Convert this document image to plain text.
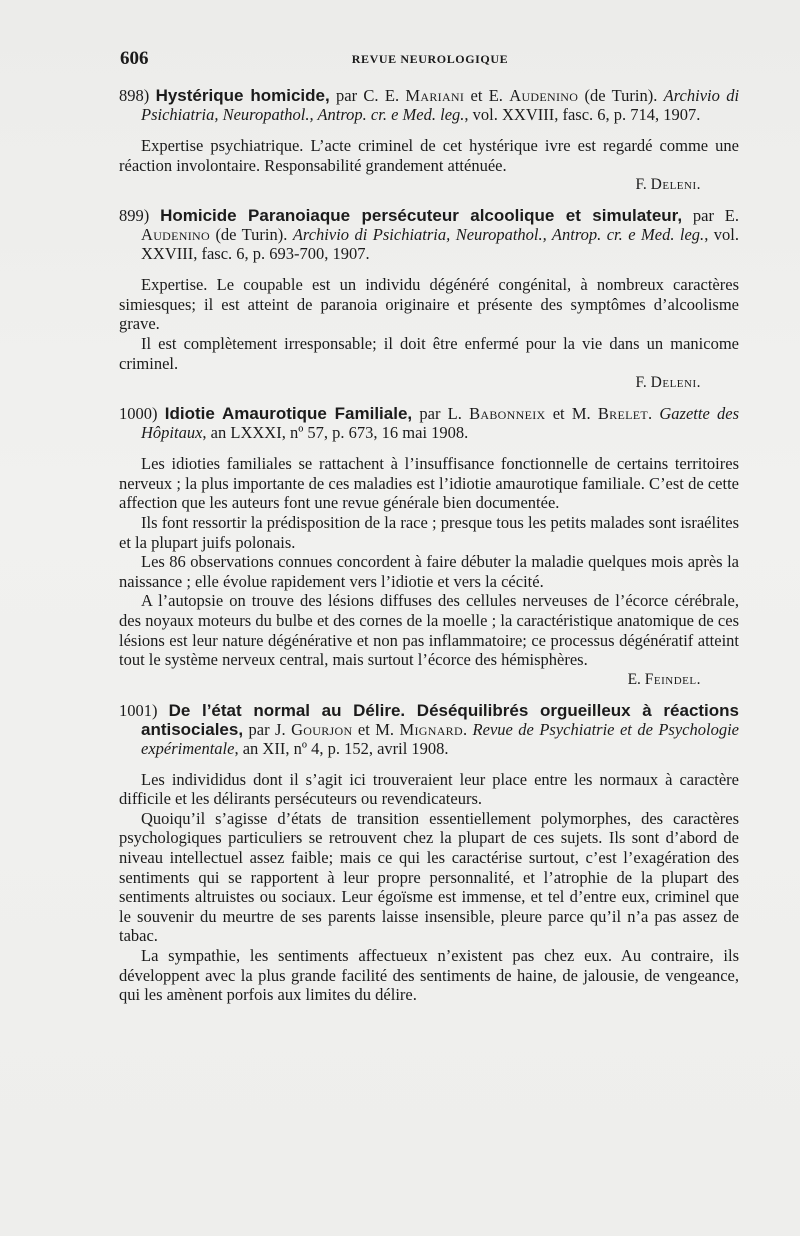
606	REVUE NEUROLOGIQUE
898) Hystérique homicide, par C. E. Mariani et E. Audenino (de Turin). Archivio di Psichiatria, Neuropathol., Antrop. cr. e Med. leg., vol. XXVIII, fasc. 6, p. 714, 1907.

Expertise psychiatrique. L’acte criminel de cet hystérique ivre est regardé comme une réaction involontaire. Responsabilité grandement atténuée.

F. Deleni.
899) Homicide Paranoiaque persécuteur alcoolique et simulateur, par E. Audenino (de Turin). Archivio di Psichiatria, Neuropathol., Antrop. cr. e Med. leg., vol. XXVIII, fasc. 6, p. 693-700, 1907.

Expertise. Le coupable est un individu dégénéré congénital, à nombreux caractères simiesques; il est atteint de paranoia originaire et présente des symptômes d’alcoolisme grave.

Il est complètement irresponsable; il doit être enfermé pour la vie dans un manicome criminel.

F. Deleni.
1000) Idiotie Amaurotique Familiale, par L. Babonneix et M. Brelet. Gazette des Hôpitaux, an LXXXI, nº 57, p. 673, 16 mai 1908.

Les idioties familiales se rattachent à l’insuffisance fonctionnelle de certains territoires nerveux ; la plus importante de ces maladies est l’idiotie amaurotique familiale. C’est de cette affection que les auteurs font une revue générale bien documentée.

Ils font ressortir la prédisposition de la race ; presque tous les petits malades sont israélites et la plupart juifs polonais.

Les 86 observations connues concordent à faire débuter la maladie quelques mois après la naissance ; elle évolue rapidement vers l’idiotie et vers la cécité.

A l’autopsie on trouve des lésions diffuses des cellules nerveuses de l’écorce cérébrale, des noyaux moteurs du bulbe et des cornes de la moelle ; la caractéristique anatomique de ces lésions est leur nature dégénérative et non pas inflammatoire; ce processus dégénératif atteint tout le système nerveux central, mais surtout l’écorce des hémisphères.

E. Feindel.
1001) De l’état normal au Délire. Déséquilibrés orgueilleux à réactions antisociales, par J. Gourjon et M. Mignard. Revue de Psychiatrie et de Psychologie expérimentale, an XII, nº 4, p. 152, avril 1908.

Les individidus dont il s’agit ici trouveraient leur place entre les normaux à caractère difficile et les délirants persécuteurs ou revendicateurs.

Quoiqu’il s’agisse d’états de transition essentiellement polymorphes, des caractères psychologiques particuliers se retrouvent chez la plupart de ces sujets. Ils sont d’abord de niveau intellectuel assez faible; mais ce qui les caractérise surtout, c’est l’exagération des sentiments qui se rapportent à leur propre personnalité, et l’atrophie de la plupart des sentiments altruistes ou sociaux. Leur égoïsme est immense, et tel d’entre eux, criminel que le souvenir du meurtre de ses parents laisse insensible, pleure parce qu’il n’a pas assez de tabac.

La sympathie, les sentiments affectueux n’existent pas chez eux. Au contraire, ils développent avec la plus grande facilité des sentiments de haine, de jalousie, de vengeance, qui les amènent porfois aux limites du délire.
